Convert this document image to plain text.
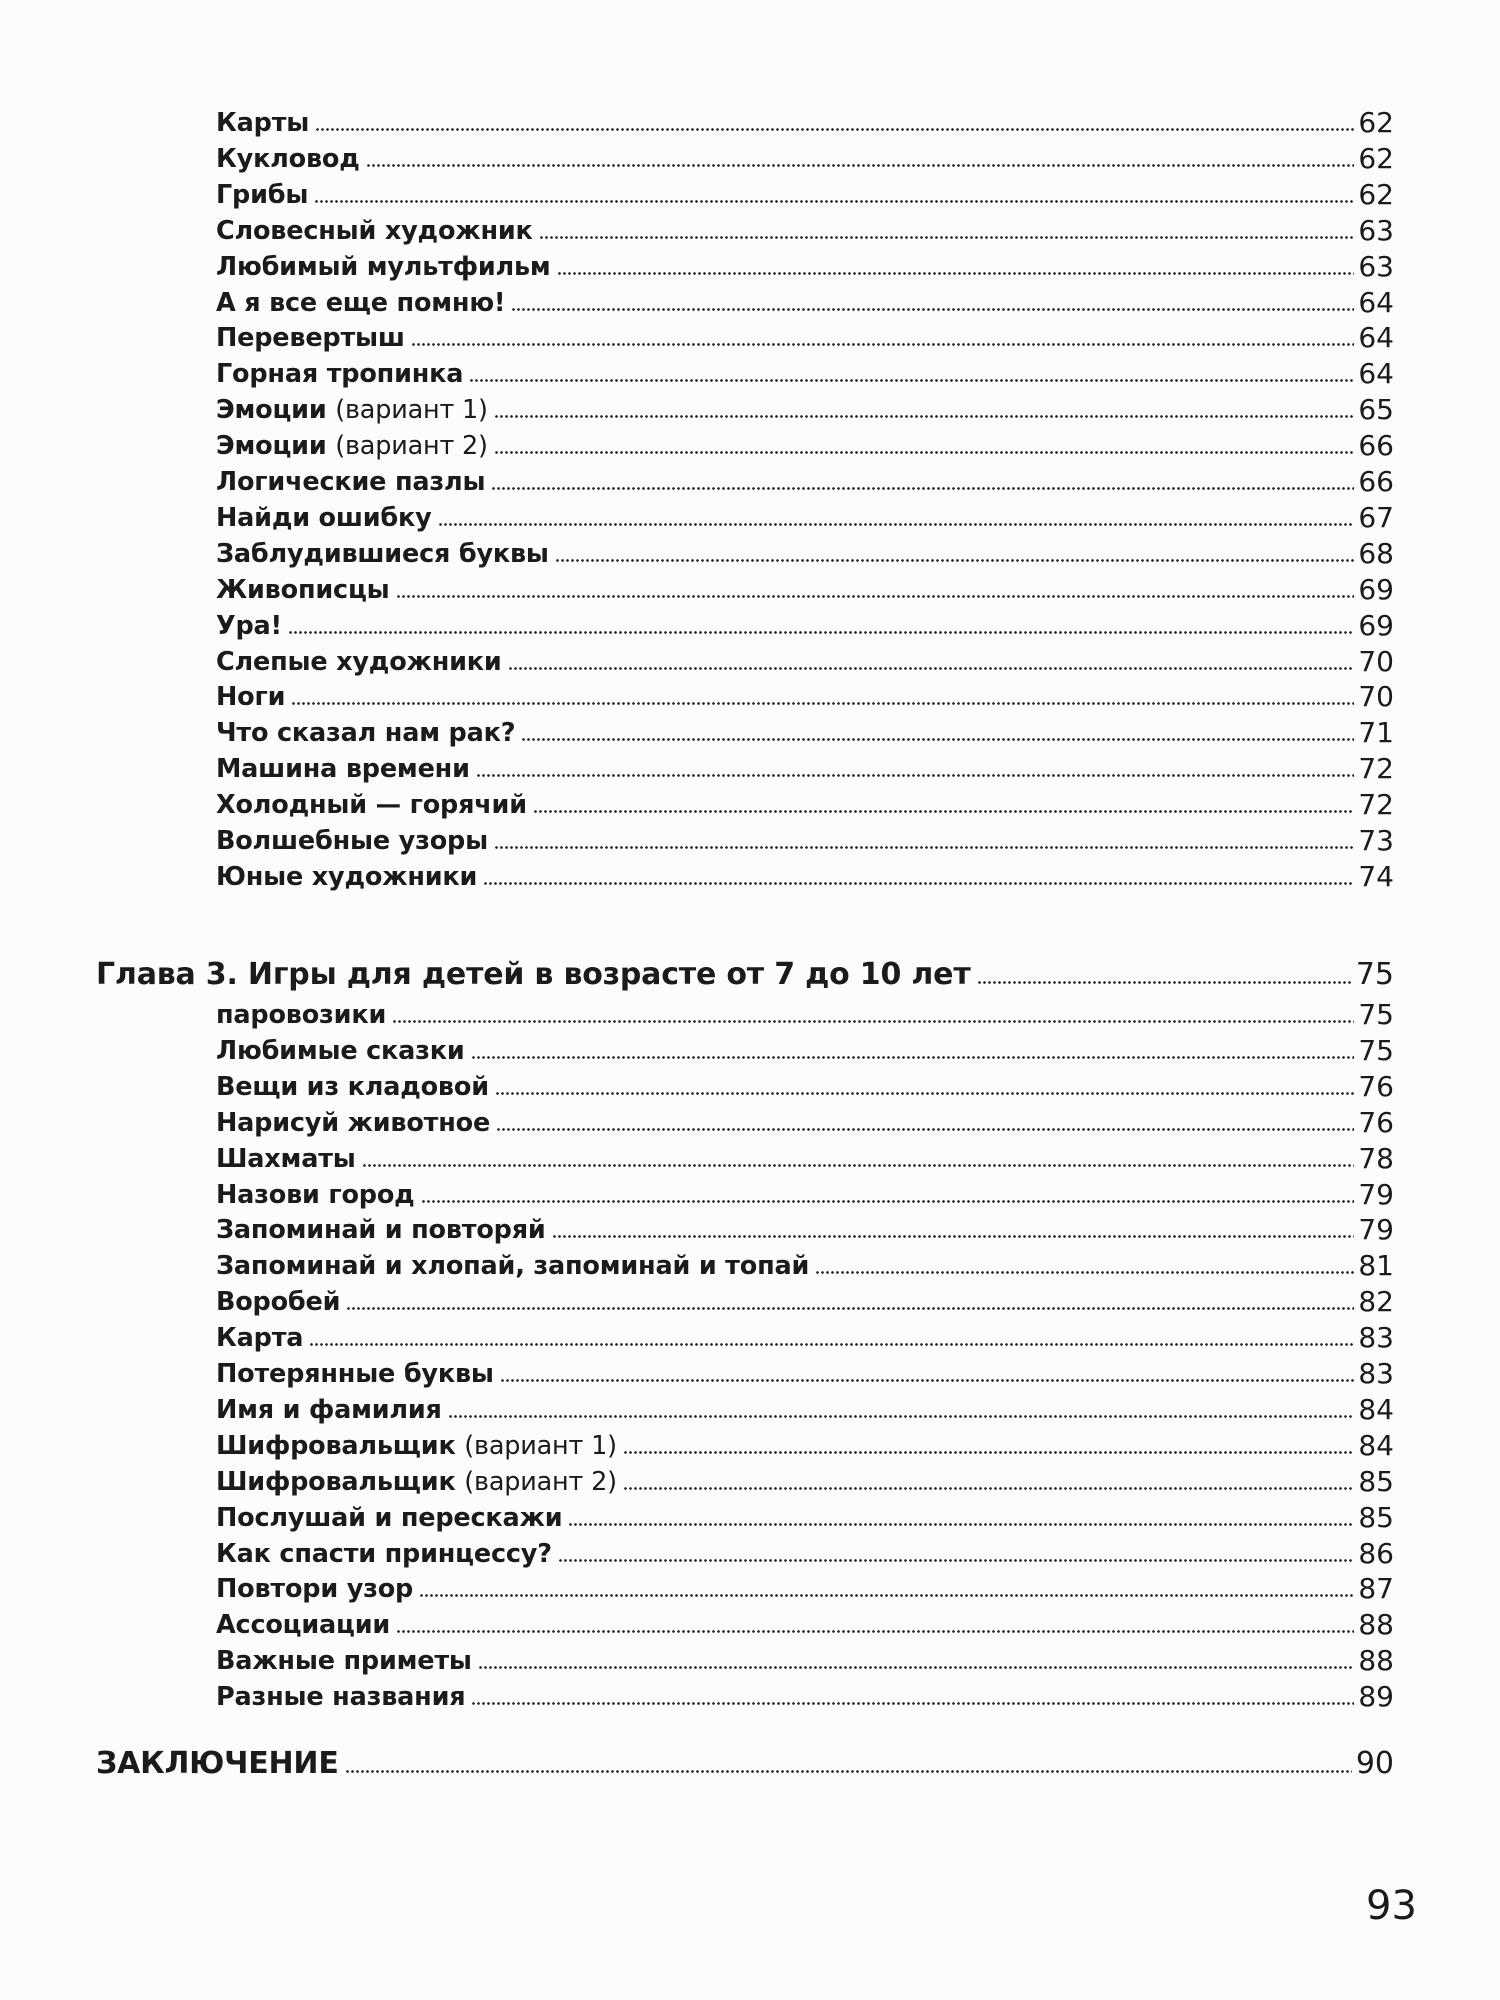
Карты	62
Кукловод	62
Грибы	62
Словесный художник	63
Любимый мультфильм	63
А я все еще помню!	64
Перевертыш	64
Горная тропинка	64
Эмоции (вариант 1)	65
Эмоции (вариант 2)	66
Логические пазлы	66
Найди ошибку	67
Заблудившиеся буквы	68
Живописцы	69
Ура!	69
Слепые художники	70
Ноги	70
Что сказал нам рак?	71
Машина времени	72
Холодный — горячий	72
Волшебные узоры	73
Юные художники	74
Глава 3. Игры для детей в возрасте от 7 до 10 лет	75
паровозики	75
Любимые сказки	75
Вещи из кладовой	76
Нарисуй животное	76
Шахматы	78
Назови город	79
Запоминай и повторяй	79
Запоминай и хлопай, запоминай и топай	81
Воробей	82
Карта	83
Потерянные буквы	83
Имя и фамилия	84
Шифровальщик (вариант 1)	84
Шифровальщик (вариант 2)	85
Послушай и перескажи	85
Как спасти принцессу?	86
Повтори узор	87
Ассоциации	88
Важные приметы	88
Разные названия	89
ЗАКЛЮЧЕНИЕ	90
93
